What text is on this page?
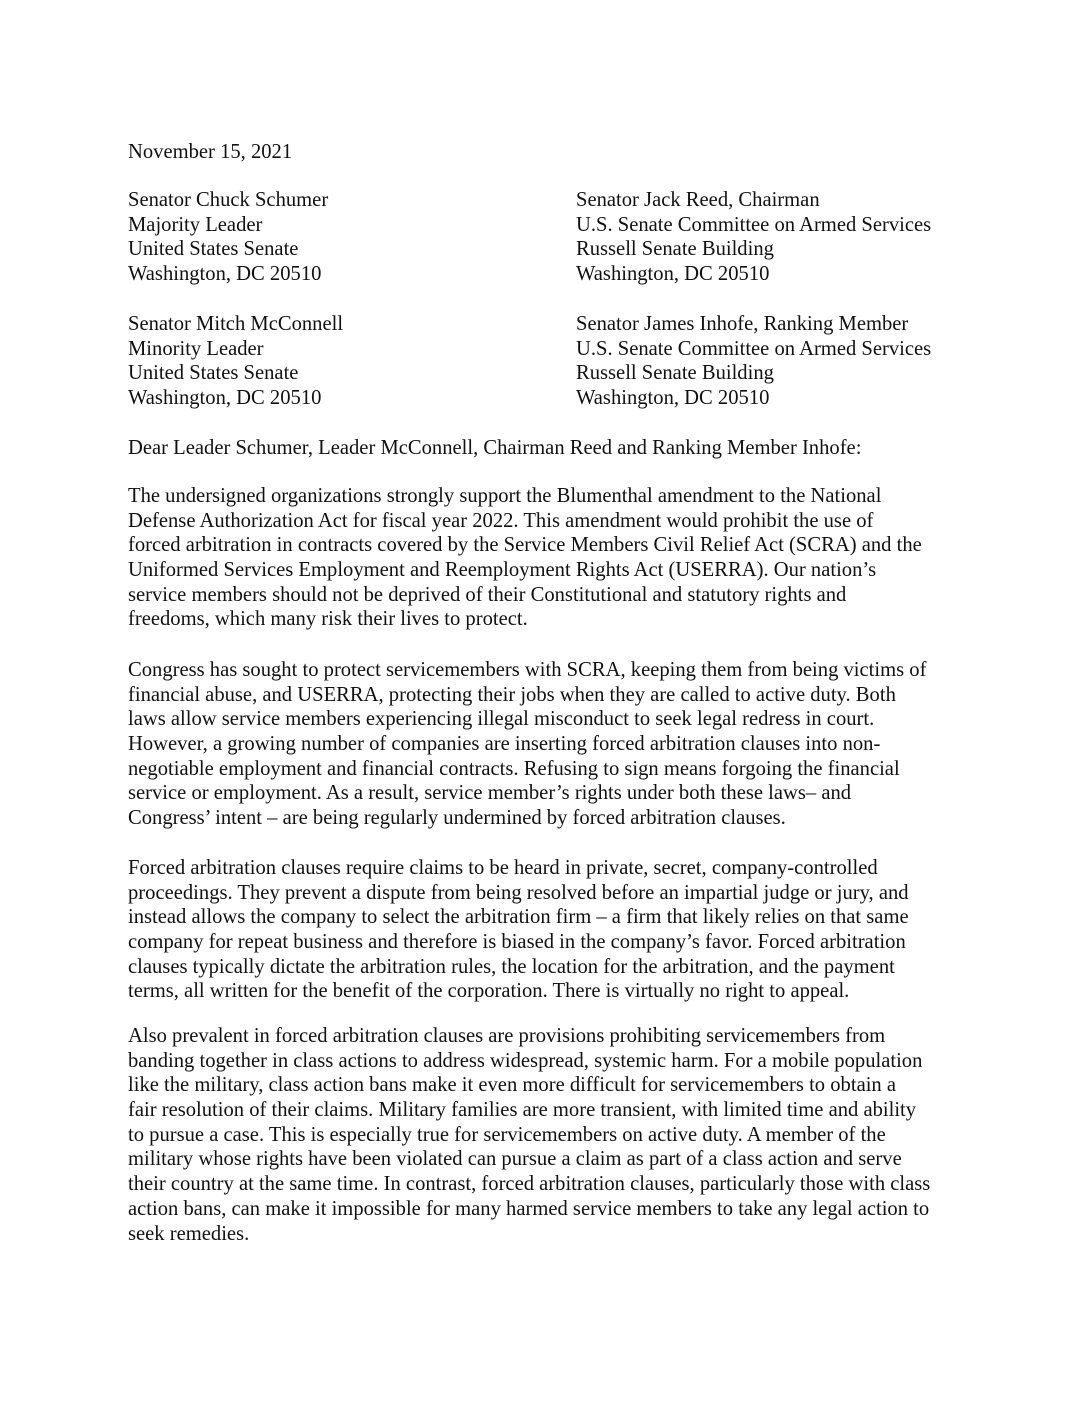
November 15, 2021
Senator Chuck Schumer
Majority Leader
United States Senate
Washington, DC 20510
Senator Jack Reed, Chairman
U.S. Senate Committee on Armed Services
Russell Senate Building
Washington, DC 20510
Senator Mitch McConnell
Minority Leader
United States Senate
Washington, DC 20510
Senator James Inhofe, Ranking Member
U.S. Senate Committee on Armed Services
Russell Senate Building
Washington, DC 20510
Dear Leader Schumer, Leader McConnell, Chairman Reed and Ranking Member Inhofe:
The undersigned organizations strongly support the Blumenthal amendment to the National
Defense Authorization Act for fiscal year 2022. This amendment would prohibit the use of
forced arbitration in contracts covered by the Service Members Civil Relief Act (SCRA) and the
Uniformed Services Employment and Reemployment Rights Act (USERRA). Our nation’s
service members should not be deprived of their Constitutional and statutory rights and
freedoms, which many risk their lives to protect.
Congress has sought to protect servicemembers with SCRA, keeping them from being victims of
financial abuse, and USERRA, protecting their jobs when they are called to active duty. Both
laws allow service members experiencing illegal misconduct to seek legal redress in court.
However, a growing number of companies are inserting forced arbitration clauses into non-
negotiable employment and financial contracts. Refusing to sign means forgoing the financial
service or employment. As a result, service member’s rights under both these laws– and
Congress’ intent – are being regularly undermined by forced arbitration clauses.
Forced arbitration clauses require claims to be heard in private, secret, company-controlled
proceedings. They prevent a dispute from being resolved before an impartial judge or jury, and
instead allows the company to select the arbitration firm – a firm that likely relies on that same
company for repeat business and therefore is biased in the company’s favor. Forced arbitration
clauses typically dictate the arbitration rules, the location for the arbitration, and the payment
terms, all written for the benefit of the corporation. There is virtually no right to appeal.
Also prevalent in forced arbitration clauses are provisions prohibiting servicemembers from
banding together in class actions to address widespread, systemic harm. For a mobile population
like the military, class action bans make it even more difficult for servicemembers to obtain a
fair resolution of their claims. Military families are more transient, with limited time and ability
to pursue a case. This is especially true for servicemembers on active duty. A member of the
military whose rights have been violated can pursue a claim as part of a class action and serve
their country at the same time. In contrast, forced arbitration clauses, particularly those with class
action bans, can make it impossible for many harmed service members to take any legal action to
seek remedies.
